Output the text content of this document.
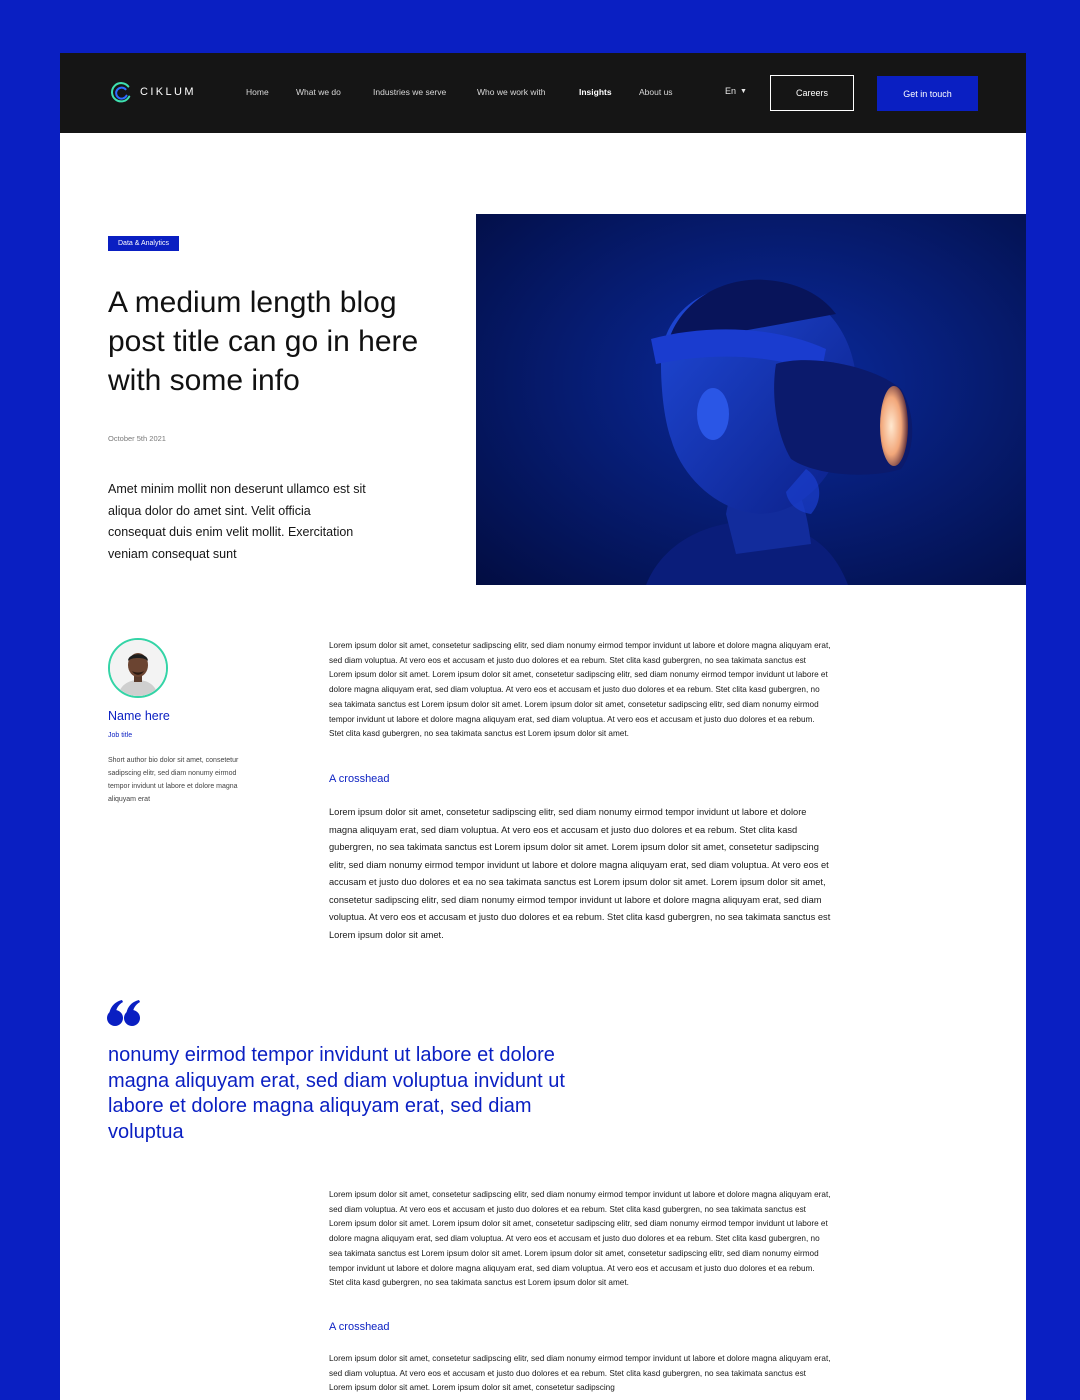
CIKLUM	Home	What we do	Industries we serve	Who we work with	Insights	About us	En ▼	Careers	Get in touch
Data & Analytics
A medium length blog post title can go in here with some info
October 5th 2021
Amet minim mollit non deserunt ullamco est sit aliqua dolor do amet sint. Velit officia consequat duis enim velit mollit. Exercitation veniam consequat sunt
Name here
Job title
Short author bio dolor sit amet, consetetur sadipscing elitr, sed diam nonumy eirmod tempor invidunt ut labore et dolore magna aliquyam erat

Lorem ipsum dolor sit amet, consetetur sadipscing elitr, sed diam nonumy eirmod tempor invidunt ut labore et dolore magna aliquyam erat, sed diam voluptua. At vero eos et accusam et justo duo dolores et ea rebum. Stet clita kasd gubergren, no sea takimata sanctus est Lorem ipsum dolor sit amet. Lorem ipsum dolor sit amet, consetetur sadipscing elitr, sed diam nonumy eirmod tempor invidunt ut labore et dolore magna aliquyam erat, sed diam voluptua. At vero eos et accusam et justo duo dolores et ea rebum. Stet clita kasd gubergren, no sea takimata sanctus est Lorem ipsum dolor sit amet. Lorem ipsum dolor sit amet, consetetur sadipscing elitr, sed diam nonumy eirmod tempor invidunt ut labore et dolore magna aliquyam erat, sed diam voluptua. At vero eos et accusam et justo duo dolores et ea rebum. Stet clita kasd gubergren, no sea takimata sanctus est Lorem ipsum dolor sit amet.

A crosshead

Lorem ipsum dolor sit amet, consetetur sadipscing elitr, sed diam nonumy eirmod tempor invidunt ut labore et dolore magna aliquyam erat, sed diam voluptua. At vero eos et accusam et justo duo dolores et ea rebum. Stet clita kasd gubergren, no sea takimata sanctus est Lorem ipsum dolor sit amet. Lorem ipsum dolor sit amet, consetetur sadipscing elitr, sed diam nonumy eirmod tempor invidunt ut labore et dolore magna aliquyam erat, sed diam voluptua. At vero eos et accusam et justo duo dolores et ea no sea takimata sanctus est Lorem ipsum dolor sit amet. Lorem ipsum dolor sit amet, consetetur sadipscing elitr, sed diam nonumy eirmod tempor invidunt ut labore et dolore magna aliquyam erat, sed diam voluptua. At vero eos et accusam et justo duo dolores et ea rebum. Stet clita kasd gubergren, no sea takimata sanctus est Lorem ipsum dolor sit amet.

nonumy eirmod tempor invidunt ut labore et dolore magna aliquyam erat, sed diam voluptua invidunt ut labore et dolore magna aliquyam erat, sed diam voluptua

Lorem ipsum dolor sit amet, consetetur sadipscing elitr, sed diam nonumy eirmod tempor invidunt ut labore et dolore magna aliquyam erat, sed diam voluptua. At vero eos et accusam et justo duo dolores et ea rebum. Stet clita kasd gubergren, no sea takimata sanctus est Lorem ipsum dolor sit amet. Lorem ipsum dolor sit amet, consetetur sadipscing elitr, sed diam nonumy eirmod tempor invidunt ut labore et dolore magna aliquyam erat, sed diam voluptua. At vero eos et accusam et justo duo dolores et ea rebum. Stet clita kasd gubergren, no sea takimata sanctus est Lorem ipsum dolor sit amet. Lorem ipsum dolor sit amet, consetetur sadipscing elitr, sed diam nonumy eirmod tempor invidunt ut labore et dolore magna aliquyam erat, sed diam voluptua. At vero eos et accusam et justo duo dolores et ea rebum. Stet clita kasd gubergren, no sea takimata sanctus est Lorem ipsum dolor sit amet.

A crosshead

Lorem ipsum dolor sit amet, consetetur sadipscing elitr, sed diam nonumy eirmod tempor invidunt ut labore et dolore magna aliquyam erat, sed diam voluptua. At vero eos et accusam et justo duo dolores et ea rebum. Stet clita kasd gubergren, no sea takimata sanctus est Lorem ipsum dolor sit amet. Lorem ipsum dolor sit amet, consetetur sadipscing
